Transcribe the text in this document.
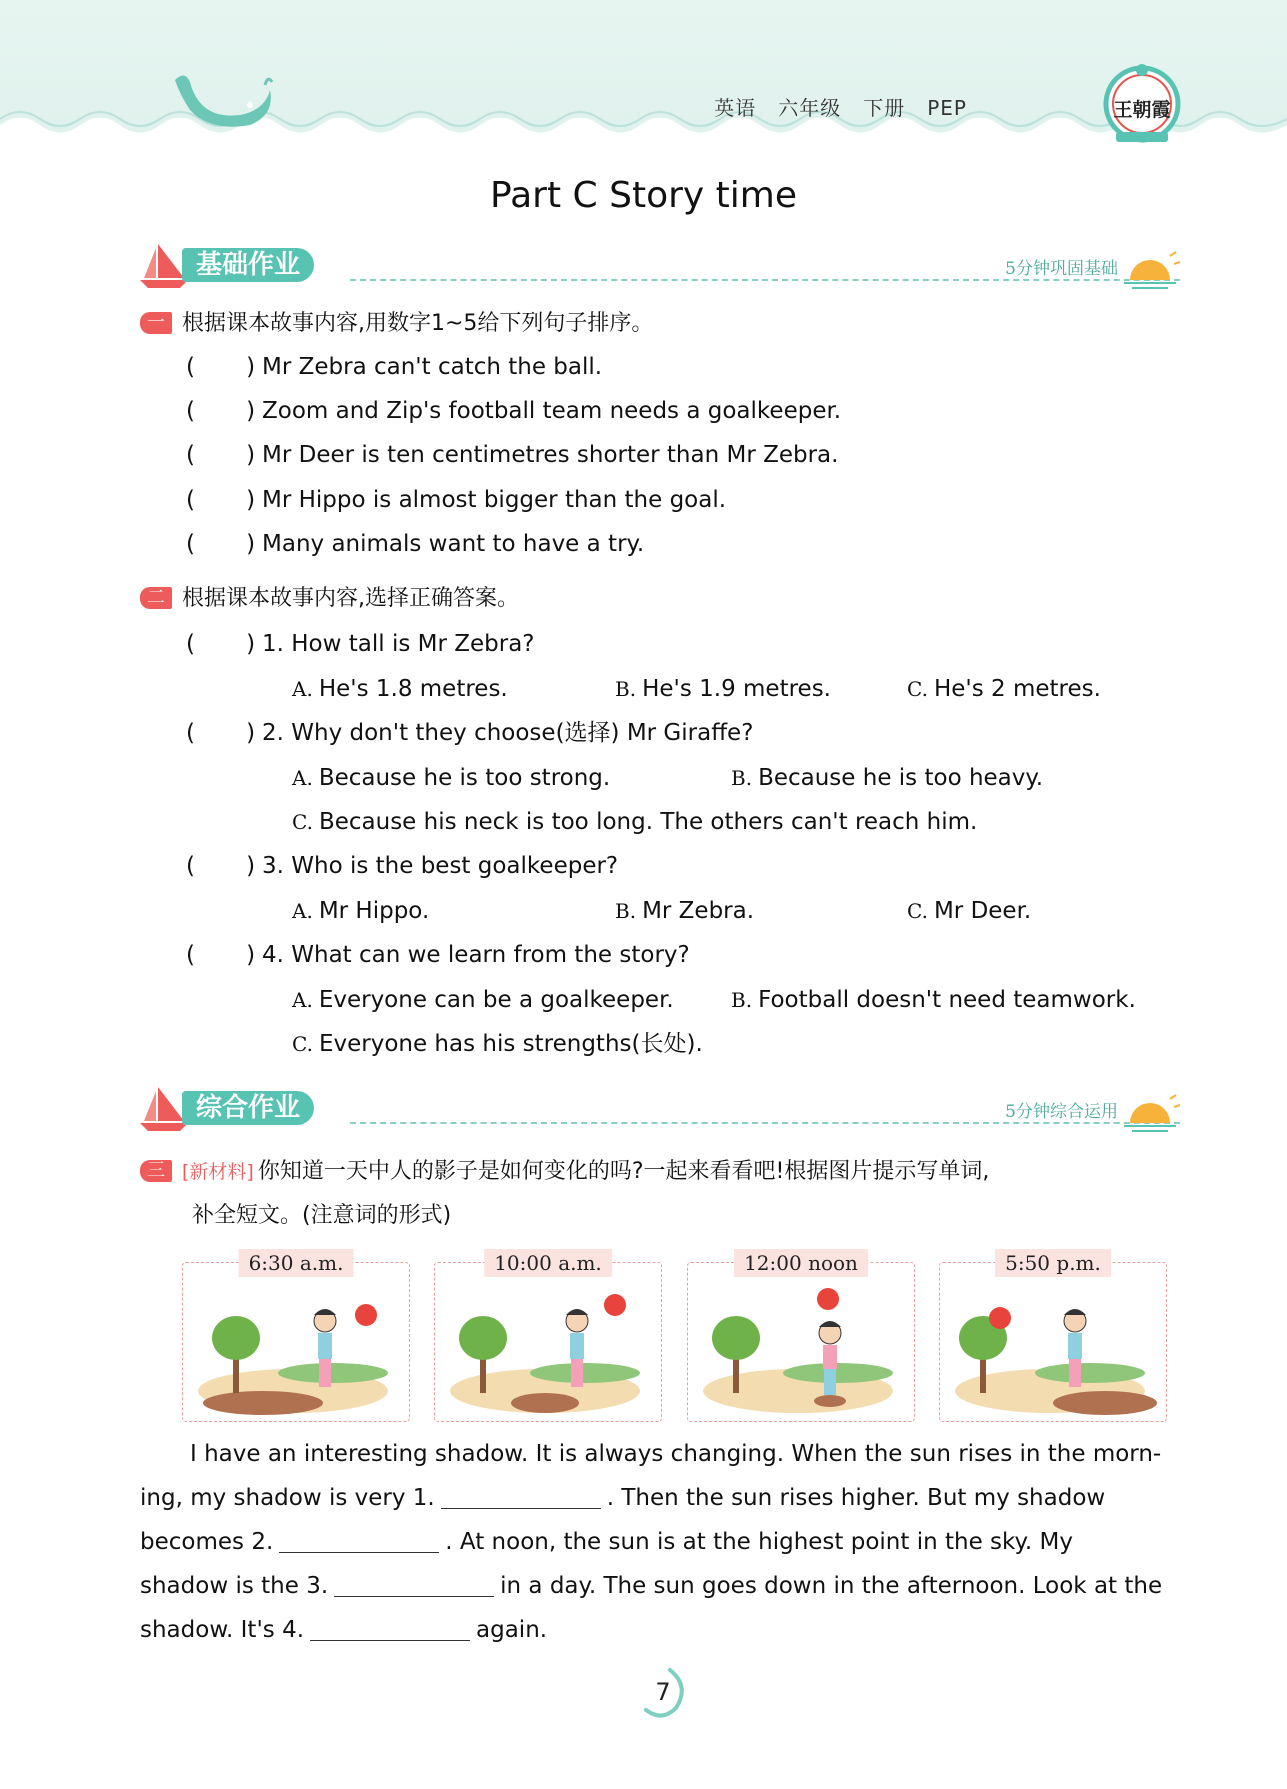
英语 六年级 下册 PEP	王朝霞
Part C Story time
基础作业	5分钟巩固基础
一 根据课本故事内容,用数字1~5给下列句子排序。
(       ) Mr Zebra can't catch the ball.
(       ) Zoom and Zip's football team needs a goalkeeper.
(       ) Mr Deer is ten centimetres shorter than Mr Zebra.
(       ) Mr Hippo is almost bigger than the goal.
(       ) Many animals want to have a try.
二 根据课本故事内容,选择正确答案。
(       ) 1. How tall is Mr Zebra?
A. He's 1.8 metres.	B. He's 1.9 metres.	C. He's 2 metres.
(       ) 2. Why don't they choose(选择) Mr Giraffe?
A. Because he is too strong.	B. Because he is too heavy.
C. Because his neck is too long. The others can't reach him.
(       ) 3. Who is the best goalkeeper?
A. Mr Hippo.	B. Mr Zebra.	C. Mr Deer.
(       ) 4. What can we learn from the story?
A. Everyone can be a goalkeeper.	B. Football doesn't need teamwork.
C. Everyone has his strengths(长处).
综合作业	5分钟综合运用
三 [新材料] 你知道一天中人的影子是如何变化的吗?一起来看看吧!根据图片提示写单词,
补全短文。(注意词的形式)
6:30 a.m.	10:00 a.m.	12:00 noon	5:50 p.m.
I have an interesting shadow. It is always changing. When the sun rises in the morn-
ing, my shadow is very 1.	. Then the sun rises higher. But my shadow
becomes 2.	. At noon, the sun is at the highest point in the sky. My
shadow is the 3.	in a day. The sun goes down in the afternoon. Look at the
shadow. It's 4.	again.
7
